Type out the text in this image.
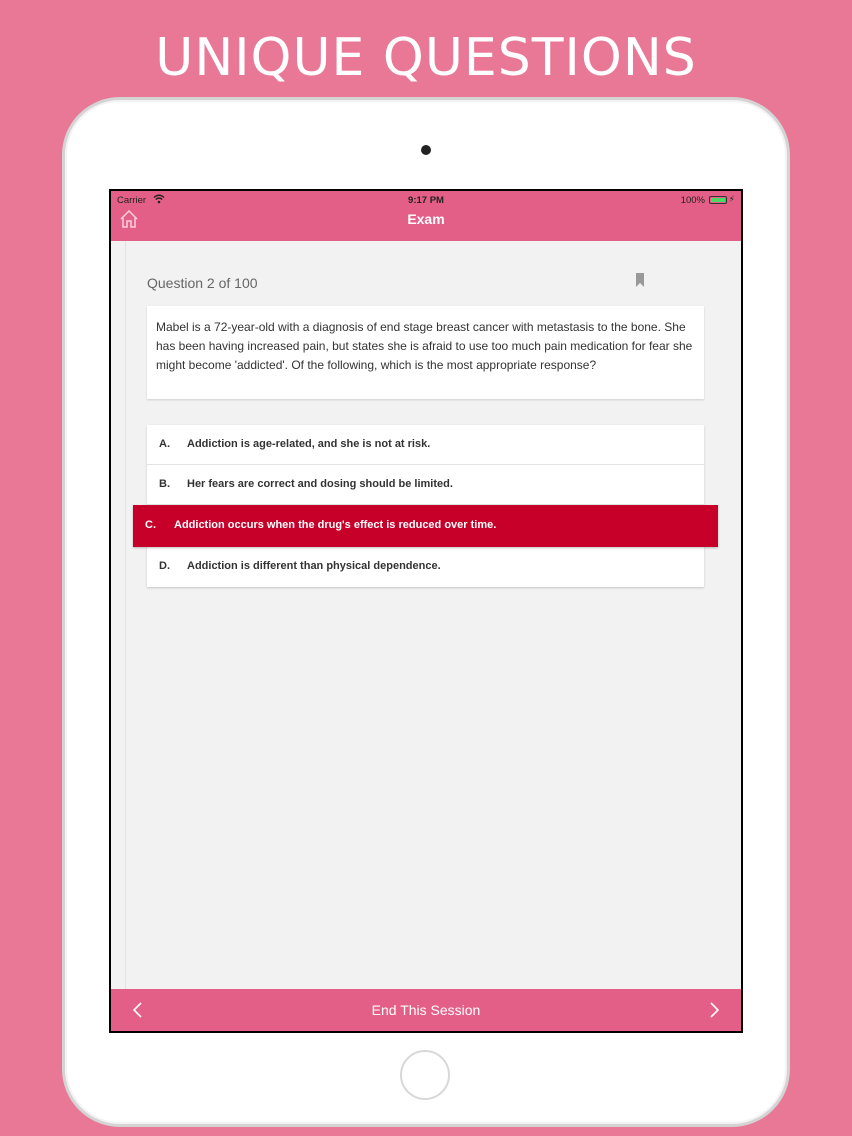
UNIQUE QUESTIONS
Carrier	9:17 PM	100%	⚡
Exam
Question 2 of 100
Mabel is a 72-year-old with a diagnosis of end stage breast cancer with metastasis to the bone. She has been having increased pain, but states she is afraid to use too much pain medication for fear she might become 'addicted'. Of the following, which is the most appropriate response?
A. Addiction is age-related, and she is not at risk.
B. Her fears are correct and dosing should be limited.
C. Addiction occurs when the drug's effect is reduced over time.
D. Addiction is different than physical dependence.
End This Session
